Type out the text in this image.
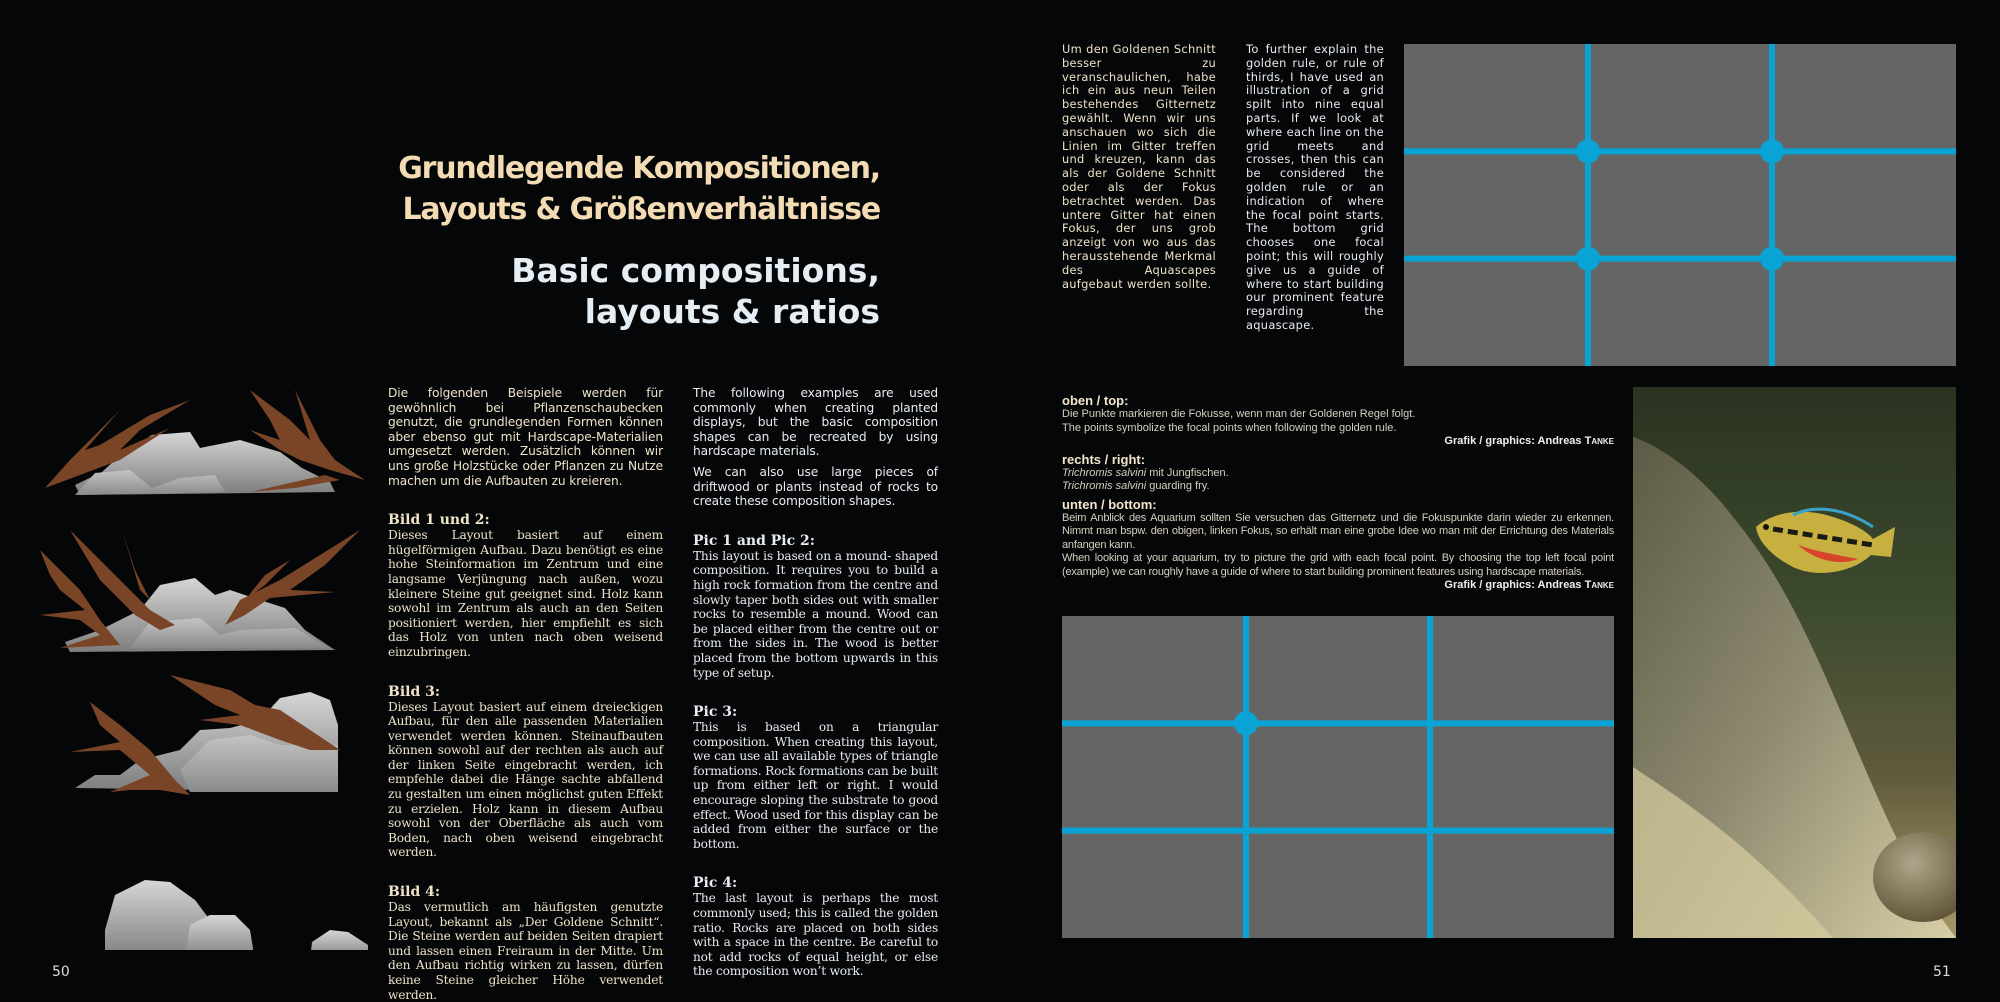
Grundlegende Kompositionen,
Layouts & Größenverhältnisse
Basic compositions,
layouts & ratios

Die folgenden Beispiele werden für gewöhnlich bei Pflanzenschaubecken genutzt, die grundlegenden Formen können aber ebenso gut mit Hardscape-Materialien umgesetzt werden. Zusätzlich können wir uns große Holzstücke oder Pflanzen zu Nutze machen um die Aufbauten zu kreieren.

Bild 1 und 2:

Dieses Layout basiert auf einem hügelförmigen Aufbau. Dazu benötigt es eine hohe Steinformation im Zentrum und eine langsame Verjüngung nach außen, wozu kleinere Steine gut geeignet sind. Holz kann sowohl im Zentrum als auch an den Seiten positioniert werden, hier empfiehlt es sich das Holz von unten nach oben weisend einzubringen.

Bild 3:

Dieses Layout basiert auf einem dreieckigen Aufbau, für den alle passenden Materialien verwendet werden können. Steinaufbauten können sowohl auf der rechten als auch auf der linken Seite eingebracht werden, ich empfehle dabei die Hänge sachte abfallend zu gestalten um einen möglichst guten Effekt zu erzielen. Holz kann in diesem Aufbau sowohl von der Oberfläche als auch vom Boden, nach oben weisend eingebracht werden.

Bild 4:

Das vermutlich am häufigsten genutzte Layout, bekannt als „Der Goldene Schnitt“. Die Steine werden auf beiden Seiten drapiert und lassen einen Freiraum in der Mitte. Um den Aufbau richtig wirken zu lassen, dürfen keine Steine gleicher Höhe verwendet werden.

The following examples are used commonly when creating planted displays, but the basic composition shapes can be recreated by using hardscape materials.

We can also use large pieces of driftwood or plants instead of rocks to create these composition shapes.

Pic 1 and Pic 2:

This layout is based on a mound- shaped composition. It requires you to build a high rock formation from the centre and slowly taper both sides out with smaller rocks to resemble a mound. Wood can be placed either from the centre out or from the sides in. The wood is better placed from the bottom upwards in this type of setup.

Pic 3:

This is based on a triangular composition. When creating this layout, we can use all available types of triangle formations. Rock formations can be built up from either left or right. I would encourage sloping the substrate to good effect. Wood used for this display can be added from either the surface or the bottom.

Pic 4:

The last layout is perhaps the most commonly used; this is called the golden ratio. Rocks are placed on both sides with a space in the centre. Be careful to not add rocks of equal height, or else the composition won’t work.

50

Um den Goldenen Schnitt besser zu veranschaulichen, habe ich ein aus neun Teilen bestehendes Gitternetz gewählt. Wenn wir uns anschauen wo sich die Linien im Gitter treffen und kreuzen, kann das als der Goldene Schnitt oder als der Fokus betrachtet werden. Das untere Gitter hat einen Fokus, der uns grob anzeigt von wo aus das herausstehende Merkmal des Aquascapes aufgebaut werden sollte.

To further explain the golden rule, or rule of thirds, I have used an illustration of a grid spilt into nine equal parts. If we look at where each line on the grid meets and crosses, then this can be considered the golden rule or an indication of where the focal point starts. The bottom grid chooses one focal point; this will roughly give us a guide of where to start building our prominent feature regarding the aquascape.

oben / top:
Die Punkte markieren die Fokusse, wenn man der Goldenen Regel folgt.
The points symbolize the focal points when following the golden rule.
Grafik / graphics: Andreas Tanke
rechts / right:
Trichromis salvini mit Jungfischen.
Trichromis salvini guarding fry.
unten / bottom:
Beim Anblick des Aquarium sollten Sie versuchen das Gitternetz und die Fokuspunkte darin wieder zu erkennen. Nimmt man bspw. den obigen, linken Fokus, so erhält man eine grobe Idee wo man mit der Errichtung des Materials anfangen kann.
When looking at your aquarium, try to picture the grid with each focal point. By choosing the top left focal point (example) we can roughly have a guide of where to start building prominent features using hardscape materials.
Grafik / graphics: Andreas Tanke
51
